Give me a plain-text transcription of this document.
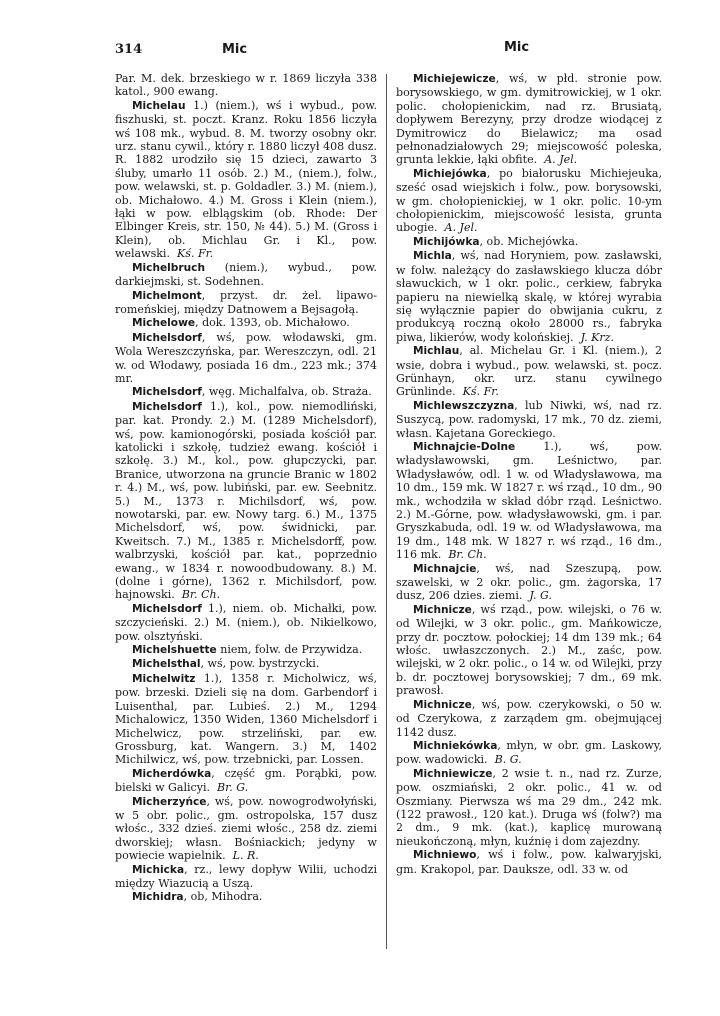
314	Mic	Mic

Par. M. dek. brzeskiego w r. 1869 liczyła 338 katol., 900 ewang.

Michelau 1.) (niem.), wś i wybud., pow. fiszhuski, st. poczt. Kranz. Roku 1856 liczyła wś 108 mk., wybud. 8. M. tworzy osobny okr. urz. stanu cywil., który r. 1880 liczył 408 dusz. R. 1882 urodziło się 15 dzieci, zawarto 3 śluby, umarło 11 osób. 2.) M., (niem.), folw., pow. welawski, st. p. Goldadler. 3.) M. (niem.), ob. Michałowo. 4.) M. Gross i Klein (niem.), łąki w pow. elblągskim (ob. Rhode: Der Elbinger Kreis, str. 150, № 44). 5.) M. (Gross i Klein), ob. Michlau Gr. i Kl., pow. welawski. Kś. Fr.

Michelbruch (niem.), wybud., pow. darkiejmski, st. Sodehnen.

Michelmont, przyst. dr. żel. lipawo-romeńskiej, między Datnowem a Bejsagołą.

Michelowe, dok. 1393, ob. Michałowo.

Michelsdorf, wś, pow. włodawski, gm. Wola Wereszczyńska, par. Wereszczyn, odl. 21 w. od Włodawy, posiada 16 dm., 223 mk.; 374 mr.

Michelsdorf, węg. Michalfalva, ob. Straża.

Michelsdorf 1.), kol., pow. niemodliński, par. kat. Prondy. 2.) M. (1289 Michelsdorf), wś, pow. kamionogórski, posiada kościół par. katolicki i szkołę, tudzież ewang. kościół i szkołę. 3.) M., kol., pow. głupczycki, par. Branice, utworzona na gruncie Branic w 1802 r. 4.) M., wś, pow. lubiński, par. ew. Seebnitz. 5.) M., 1373 r. Michilsdorf, wś, pow. nowotarski, par. ew. Nowy targ. 6.) M., 1375 Michelsdorf, wś, pow. świdnicki, par. Kweitsch. 7.) M., 1385 r. Michelsdorff, pow. walbrzyski, kościół par. kat., poprzednio ewang., w 1834 r. nowoodbudowany. 8.) M. (dolne i górne), 1362 r. Michilsdorf, pow. hajnowski. Br. Ch.

Michelsdorf 1.), niem. ob. Michałki, pow. szczycieński. 2.) M. (niem.), ob. Nikielkowo, pow. olsztyński.

Michelshuette niem, folw. de Przywidza.

Michelsthal, wś, pow. bystrzycki.

Michelwitz 1.), 1358 r. Micholwicz, wś, pow. brzeski. Dzieli się na dom. Garbendorf i Luisenthal, par. Lubieś. 2.) M., 1294 Michalowicz, 1350 Widen, 1360 Michelsdorf i Michelwicz, pow. strzeliński, par. ew. Grossburg, kat. Wangern. 3.) M, 1402 Michilwicz, wś, pow. trzebnicki, par. Lossen.

Micherdówka, część gm. Porąbki, pow. bielski w Galicyi. Br. G.

Micherzyńce, wś, pow. nowogrodwołyński, w 5 obr. polic., gm. ostropolska, 157 dusz włośc., 332 dzieś. ziemi włośc., 258 dz. ziemi dworskiej; własn. Bośniackich; jedyny w powiecie wapielnik. L. R.

Michicka, rz., lewy dopływ Wilii, uchodzi między Wiazucią a Uszą.

Michidra, ob, Mihodra.

Michiejewicze, wś, w płd. stronie pow. borysowskiego, w gm. dymitrowickiej, w 1 okr. polic. chołopienickim, nad rz. Brusiatą, dopływem Berezyny, przy drodze wiodącej z Dymitrowicz do Bielawicz; ma osad pełnonadziałowych 29; miejscowość poleska, grunta lekkie, łąki obfite. A. Jel.

Michiejówka, po białorusku Michiejeuka, sześć osad wiejskich i folw., pow. borysowski, w gm. chołopienickiej, w 1 okr. polic. 10-ym chołopienickim, miejscowość lesista, grunta ubogie. A. Jel.

Michijówka, ob. Michejówka.

Michla, wś, nad Horyniem, pow. zasławski, w folw. należący do zasławskiego klucza dóbr sławuckich, w 1 okr. polic., cerkiew, fabryka papieru na niewielką skalę, w której wyrabia się wyłącznie papier do obwijania cukru, z produkcyą roczną około 28000 rs., fabryka piwa, likierów, wody kolońskiej. J. Krz.

Michlau, al. Michelau Gr. i Kl. (niem.), 2 wsie, dobra i wybud., pow. welawski, st. pocz. Grünhayn, okr. urz. stanu cywilnego Grünlinde. Kś. Fr.

Michlewszczyzna, lub Niwki, wś, nad rz. Suszycą, pow. radomyski, 17 mk., 70 dz. ziemi, własn. Kajetana Goreckiego.

Michnajcie-Dolne 1.), wś, pow. władysławowski, gm. Leśnictwo, par. Władysławów, odl. 1 w. od Władysławowa, ma 10 dm., 159 mk. W 1827 r. wś rząd., 10 dm., 90 mk., wchodziła w skład dóbr rząd. Leśnictwo. 2.) M.-Górne, pow. władysławowski, gm. i par. Gryszkabuda, odl. 19 w. od Władysławowa, ma 19 dm., 148 mk. W 1827 r. wś rząd., 16 dm., 116 mk. Br. Ch.

Michnajcie, wś, nad Szeszupą, pow. szawelski, w 2 okr. polic., gm. żagorska, 17 dusz, 206 dzies. ziemi. J. G.

Michnicze, wś rząd., pow. wilejski, o 76 w. od Wilejki, w 3 okr. polic., gm. Mańkowicze, przy dr. pocztow. połockiej; 14 dm 139 mk.; 64 włośc. uwłaszczonych. 2.) M., zaśc, pow. wilejski, w 2 okr. polic., o 14 w. od Wilejki, przy b. dr. pocztowej borysowskiej; 7 dm., 69 mk. prawosł.

Michnicze, wś, pow. czerykowski, o 50 w. od Czerykowa, z zarządem gm. obejmującej 1142 dusz.

Michniekówka, młyn, w obr. gm. Laskowy, pow. wadowicki. B. G.

Michniewicze, 2 wsie t. n., nad rz. Zurze, pow. oszmiański, 2 okr. polic., 41 w. od Oszmiany. Pierwsza wś ma 29 dm., 242 mk. (122 prawosł., 120 kat.). Druga wś (folw?) ma 2 dm., 9 mk. (kat.), kaplicę murowaną nieukończoną, młyn, kuźnię i dom zajezdny.

Michniewo, wś i folw., pow. kalwaryjski, gm. Krakopol, par. Daukszе, odl. 33 w. od
